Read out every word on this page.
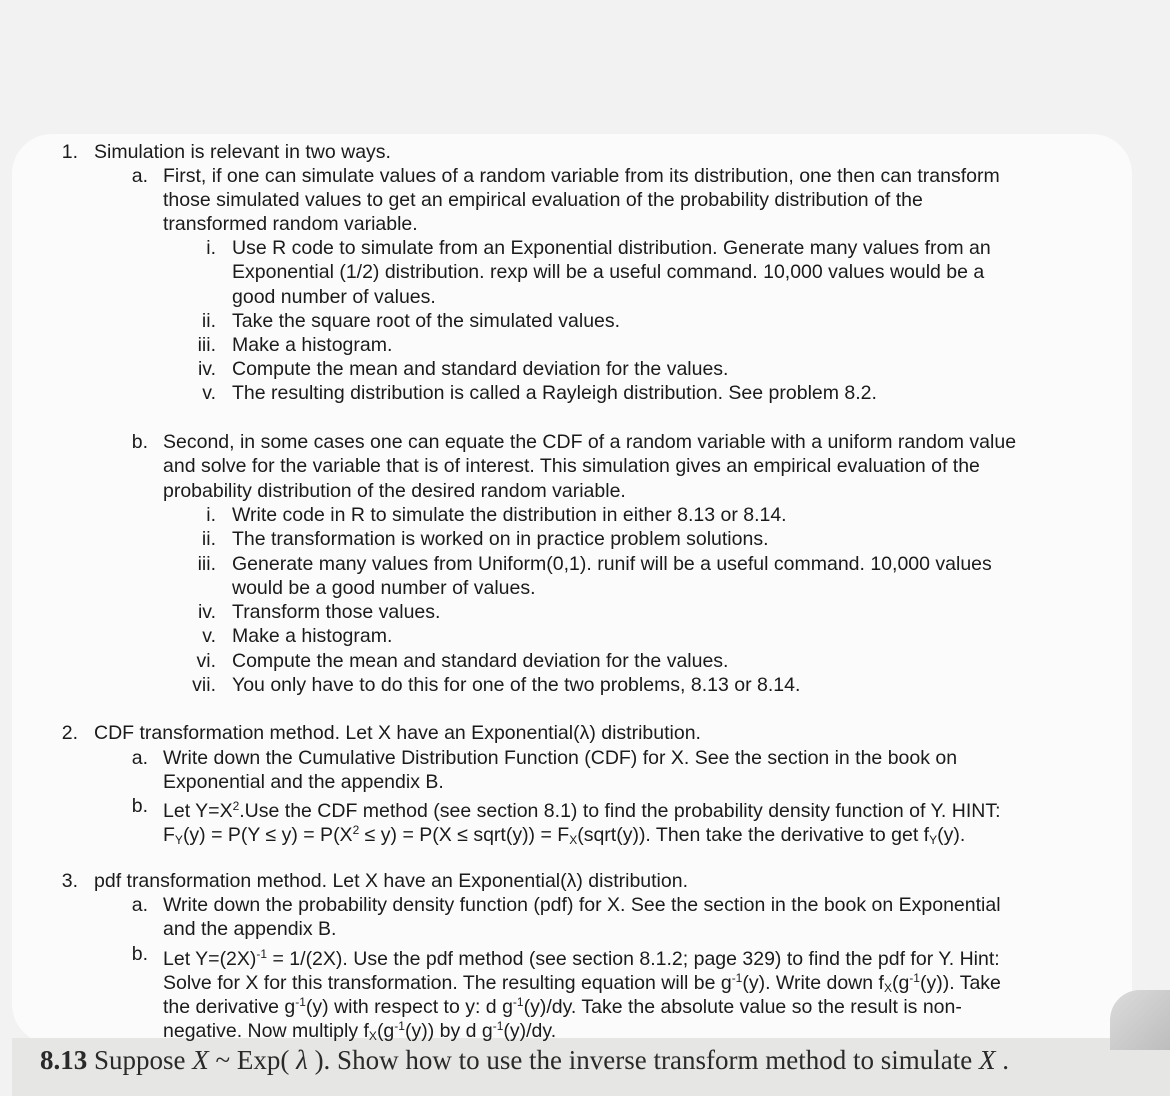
1. Simulation is relevant in two ways.
a. First, if one can simulate values of a random variable from its distribution, one then can transform
those simulated values to get an empirical evaluation of the probability distribution of the
transformed random variable.
i. Use R code to simulate from an Exponential distribution. Generate many values from an
Exponential (1/2) distribution. rexp will be a useful command. 10,000 values would be a
good number of values.
ii. Take the square root of the simulated values.
iii. Make a histogram.
iv. Compute the mean and standard deviation for the values.
v. The resulting distribution is called a Rayleigh distribution. See problem 8.2.
b. Second, in some cases one can equate the CDF of a random variable with a uniform random value
and solve for the variable that is of interest. This simulation gives an empirical evaluation of the
probability distribution of the desired random variable.
i. Write code in R to simulate the distribution in either 8.13 or 8.14.
ii. The transformation is worked on in practice problem solutions.
iii. Generate many values from Uniform(0,1). runif will be a useful command. 10,000 values
would be a good number of values.
iv. Transform those values.
v. Make a histogram.
vi. Compute the mean and standard deviation for the values.
vii. You only have to do this for one of the two problems, 8.13 or 8.14.
2. CDF transformation method. Let X have an Exponential(λ) distribution.
a. Write down the Cumulative Distribution Function (CDF) for X. See the section in the book on
Exponential and the appendix B.
b. Let $Y=X^2.Use$ the CDF method (see section 8.1) to find the probability density function of Y. HINT:
$F_Y(y) = P(Y \le y) = P(X^2 \le y) = P(X$ ≤ sqrt(y)) = $F_X(sqrt(y))$. Then take the derivative to get $f_Y(y)$.
3. pdf transformation method. Let X have an Exponential(λ) distribution.
a. Write down the probability density function (pdf) for X. See the section in the book on Exponential
and the appendix B.
b. Let $Y=(2X)^{-1} = 1/(2X)$. Use the pdf method (see section 8.1.2; page 329) to find the pdf for Y. Hint:
Solve for X for this transformation. The resulting equation will be $g^{-1}(y)$. Write down $f_X(g^{-1}(y))$. Take
the derivative $g^{-1}(y)$ with respect to y: d $g^{-1}(y)/dy$. Take the absolute value so the result is non-
negative. Now multiply $f_X(g^{-1}(y))$ by d $g^{-1}(y)/dy$.
8.13 Suppose X ~ Exp( λ ). Show how to use the inverse transform method to simulate X .
